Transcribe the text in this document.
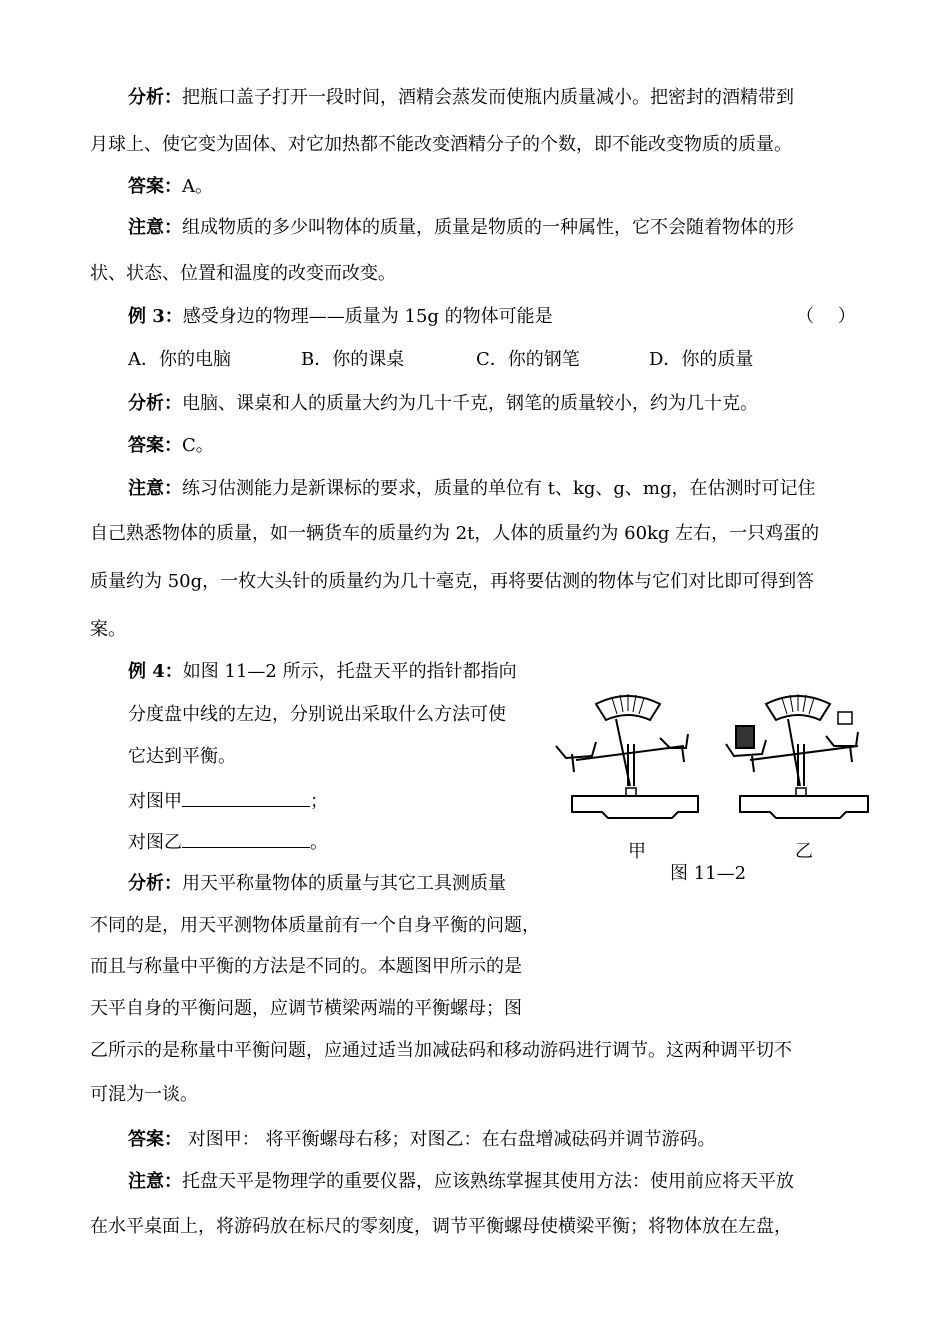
分析：把瓶口盖子打开一段时间，酒精会蒸发而使瓶内质量减小。把密封的酒精带到
月球上、使它变为固体、对它加热都不能改变酒精分子的个数，即不能改变物质的质量。
答案：A。
注意：组成物质的多少叫物体的质量，质量是物质的一种属性，它不会随着物体的形
状、状态、位置和温度的改变而改变。
例 3：感受身边的物理——质量为 15g 的物体可能是	（　 ）
A．你的电脑	B．你的课桌	C．你的钢笔	D．你的质量
分析：电脑、课桌和人的质量大约为几十千克，钢笔的质量较小，约为几十克。
答案：C。
注意：练习估测能力是新课标的要求，质量的单位有 t、kg、g、mg，在估测时可记住
自己熟悉物体的质量，如一辆货车的质量约为 2t，人体的质量约为 60kg 左右，一只鸡蛋的
质量约为 50g，一枚大头针的质量约为几十毫克，再将要估测的物体与它们对比即可得到答
案。
例 4：如图 11—2 所示，托盘天平的指针都指向
分度盘中线的左边，分别说出采取什么方法可使
它达到平衡。
对图甲	；
对图乙	。
分析：用天平称量物体的质量与其它工具测质量
不同的是，用天平测物体质量前有一个自身平衡的问题，
而且与称量中平衡的方法是不同的。本题图甲所示的是
天平自身的平衡问题，应调节横梁两端的平衡螺母；图
乙所示的是称量中平衡问题，应通过适当加减砝码和移动游码进行调节。这两种调平切不
可混为一谈。
答案： 对图甲： 将平衡螺母右移；对图乙：在右盘增减砝码并调节游码。
注意：托盘天平是物理学的重要仪器，应该熟练掌握其使用方法：使用前应将天平放
在水平桌面上，将游码放在标尺的零刻度，调节平衡螺母使横梁平衡；将物体放在左盘，
甲	乙
图 11—2
